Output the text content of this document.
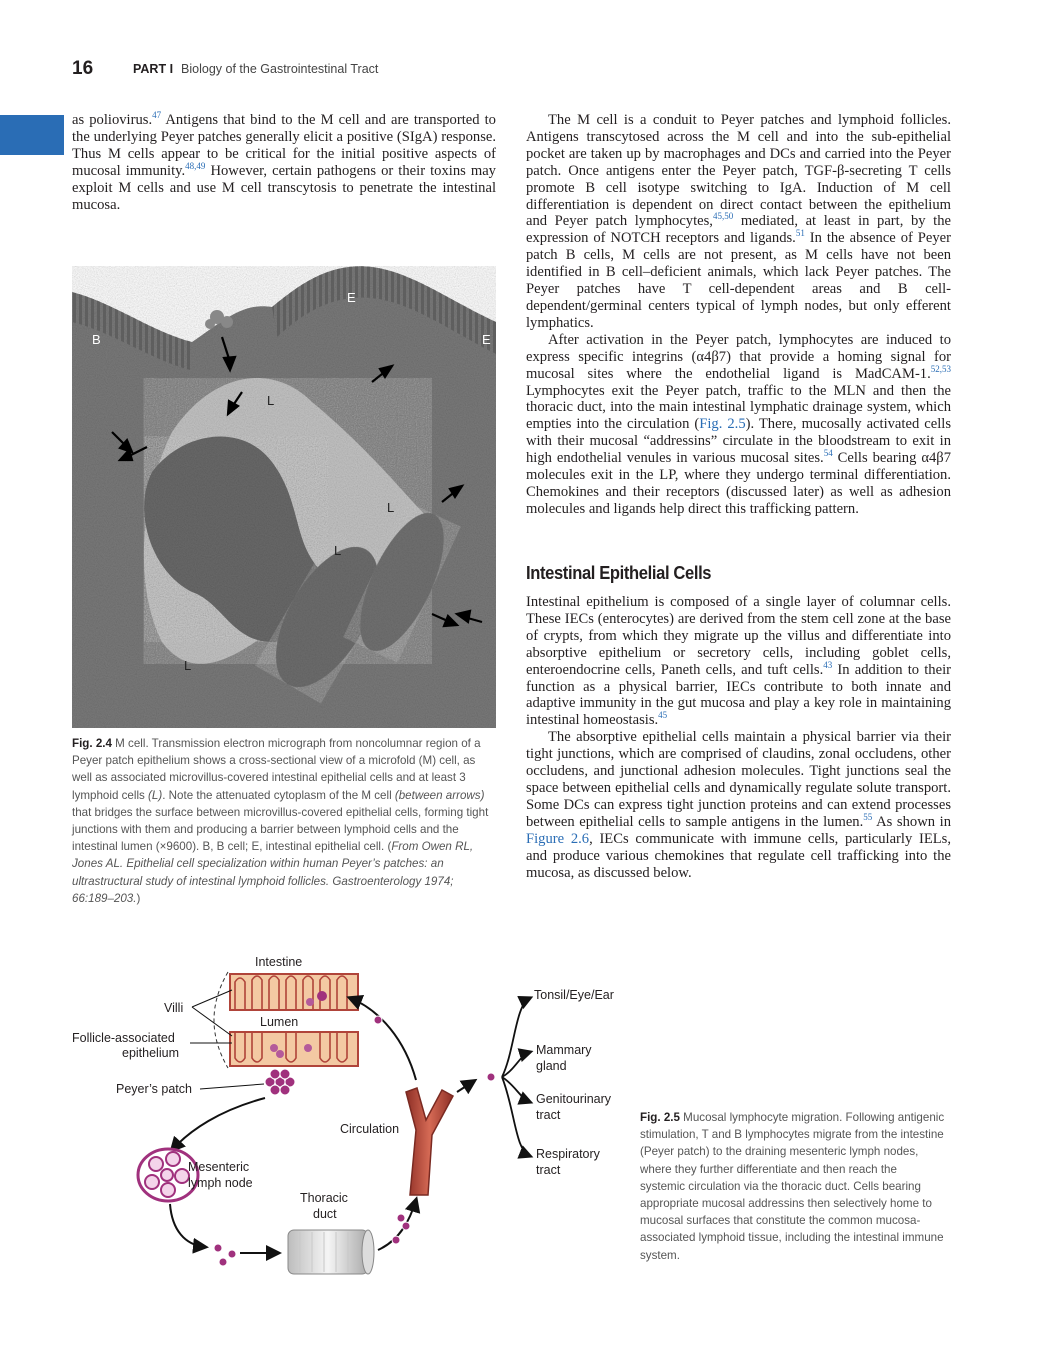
16	PART I Biology of the Gastrointestinal Tract

as poliovirus.$^{47}$ Antigens that bind to the M cell and are transported to the underlying Peyer patches generally elicit a positive (SIgA) response. Thus M cells appear to be critical for the initial positive aspects of mucosal immunity.$^{48,49}$ However, certain pathogens or their toxins may exploit M cells and use M cell transcytosis to penetrate the intestinal mucosa.

The M cell is a conduit to Peyer patches and lymphoid follicles. Antigens transcytosed across the M cell and into the sub-epithelial pocket are taken up by macrophages and DCs and carried into the Peyer patch. Once antigens enter the Peyer patch, TGF-β-secreting T cells promote B cell isotype switching to IgA. Induction of M cell differentiation is dependent on direct contact between the epithelium and Peyer patch lymphocytes,$^{45,50}$ mediated, at least in part, by the expression of NOTCH receptors and ligands.$^{51}$ In the absence of Peyer patch B cells, M cells are not present, as M cells have not been identified in B cell–deficient animals, which lack Peyer patches. The Peyer patches have T cell-dependent areas and B cell-dependent/germinal centers typical of lymph nodes, but only efferent lymphatics.

After activation in the Peyer patch, lymphocytes are induced to express specific integrins (α4β7) that provide a homing signal for mucosal sites where the endothelial ligand is MadCAM-1.$^{52,53}$ Lymphocytes exit the Peyer patch, traffic to the MLN and then the thoracic duct, into the main intestinal lymphatic drainage system, which empties into the circulation (Fig. 2.5). There, mucosally activated cells with their mucosal “addressins” circulate in the bloodstream to exit in high endothelial venules in various mucosal sites.$^{54}$ Cells bearing α4β7 molecules exit in the LP, where they undergo terminal differentiation. Chemokines and their receptors (discussed later) as well as adhesion molecules and ligands help direct this trafficking pattern.

Intestinal Epithelial Cells

Intestinal epithelium is composed of a single layer of columnar cells. These IECs (enterocytes) are derived from the stem cell zone at the base of crypts, from which they migrate up the villus and differentiate into absorptive epithelium or secretory cells, including goblet cells, enteroendocrine cells, Paneth cells, and tuft cells.$^{43}$ In addition to their function as a physical barrier, IECs contribute to both innate and adaptive immunity in the gut mucosa and play a key role in maintaining intestinal homeostasis.$^{45}$

The absorptive epithelial cells maintain a physical barrier via their tight junctions, which are comprised of claudins, zonal occludens, other occludens, and junctional adhesion molecules. Tight junctions seal the space between epithelial cells and dynamically regulate solute transport. Some DCs can express tight junction proteins and can extend processes between epithelial cells to sample antigens in the lumen.$^{55}$ As shown in Figure 2.6, IECs communicate with immune cells, particularly IELs, and produce various chemokines that regulate cell trafficking into the mucosa, as discussed below.

B
E
E
L
L
L
L
Fig. 2.4 M cell. Transmission electron micrograph from noncolumnar region of a Peyer patch epithelium shows a cross-sectional view of a microfold (M) cell, as well as associated microvillus-covered intestinal epithelial cells and at least 3 lymphoid cells (L). Note the attenuated cytoplasm of the M cell (between arrows) that bridges the surface between microvillus-covered epithelial cells, forming tight junctions with them and producing a barrier between lymphoid cells and the intestinal lumen (×9600). B, B cell; E, intestinal epithelial cell. (From Owen RL, Jones AL. Epithelial cell specialization within human Peyer’s patches: an ultrastructural study of intestinal lymphoid follicles. Gastroenterology 1974; 66:189–203.)
Intestine
Lumen
Villi
Follicle-associated
epithelium
Peyer’s patch
Mesenteric
lymph node
Thoracic
duct
Circulation
Tonsil/Eye/Ear
Mammary
gland
Genitourinary
tract
Respiratory
tract
Fig. 2.5 Mucosal lymphocyte migration. Following antigenic stimulation, T and B lymphocytes migrate from the intestine (Peyer patch) to the draining mesenteric lymph nodes, where they further differentiate and then reach the systemic circulation via the thoracic duct. Cells bearing appropriate mucosal addressins then selectively home to mucosal surfaces that constitute the common mucosa-associated lymphoid tissue, including the intestinal immune system.
